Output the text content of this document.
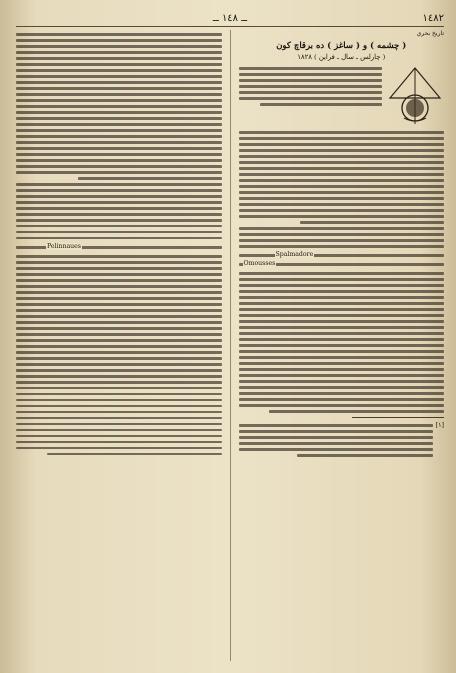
ــ ١٤٨ ــ	١٤٨٢
تاريخ بحري
( چشمه ) و ( ساغز ) ده برقاچ كون
( چارلس ـ سال ـ فراين ) ١٨٢٨
Spalmadore
Omousses
[١]
Pelinnaues
